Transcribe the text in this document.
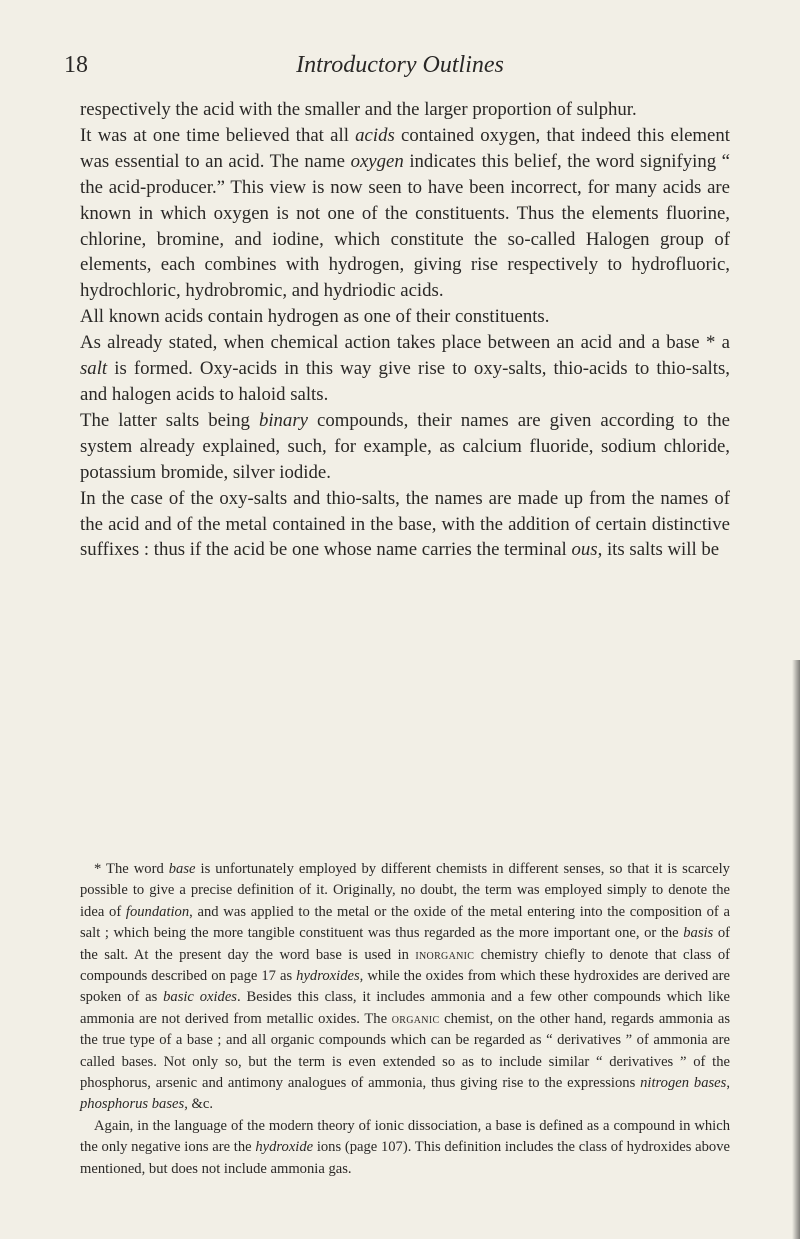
18	Introductory Outlines

respectively the acid with the smaller and the larger proportion of sulphur.

It was at one time believed that all acids contained oxygen, that indeed this element was essential to an acid. The name oxygen indicates this belief, the word signifying “ the acid-producer.” This view is now seen to have been incorrect, for many acids are known in which oxygen is not one of the constituents. Thus the elements fluorine, chlorine, bromine, and iodine, which constitute the so-called Halogen group of elements, each combines with hydrogen, giving rise respectively to hydrofluoric, hydrochloric, hydrobromic, and hydriodic acids.

All known acids contain hydrogen as one of their constituents.

As already stated, when chemical action takes place between an acid and a base * a salt is formed. Oxy-acids in this way give rise to oxy-salts, thio-acids to thio-salts, and halogen acids to haloid salts.

The latter salts being binary compounds, their names are given according to the system already explained, such, for example, as calcium fluoride, sodium chloride, potassium bromide, silver iodide.

In the case of the oxy-salts and thio-salts, the names are made up from the names of the acid and of the metal contained in the base, with the addition of certain distinctive suffixes : thus if the acid be one whose name carries the terminal ous, its salts will be

* The word base is unfortunately employed by different chemists in different senses, so that it is scarcely possible to give a precise definition of it. Originally, no doubt, the term was employed simply to denote the idea of foundation, and was applied to the metal or the oxide of the metal entering into the composition of a salt ; which being the more tangible constituent was thus regarded as the more important one, or the basis of the salt. At the present day the word base is used in inorganic chemistry chiefly to denote that class of compounds described on page 17 as hydroxides, while the oxides from which these hydroxides are derived are spoken of as basic oxides. Besides this class, it includes ammonia and a few other compounds which like ammonia are not derived from metallic oxides. The organic chemist, on the other hand, regards ammonia as the true type of a base ; and all organic compounds which can be regarded as “ derivatives ” of ammonia are called bases. Not only so, but the term is even extended so as to include similar “ derivatives ” of the phosphorus, arsenic and antimony analogues of ammonia, thus giving rise to the expressions nitrogen bases, phosphorus bases, &c.

Again, in the language of the modern theory of ionic dissociation, a base is defined as a compound in which the only negative ions are the hydroxide ions (page 107). This definition includes the class of hydroxides above mentioned, but does not include ammonia gas.
